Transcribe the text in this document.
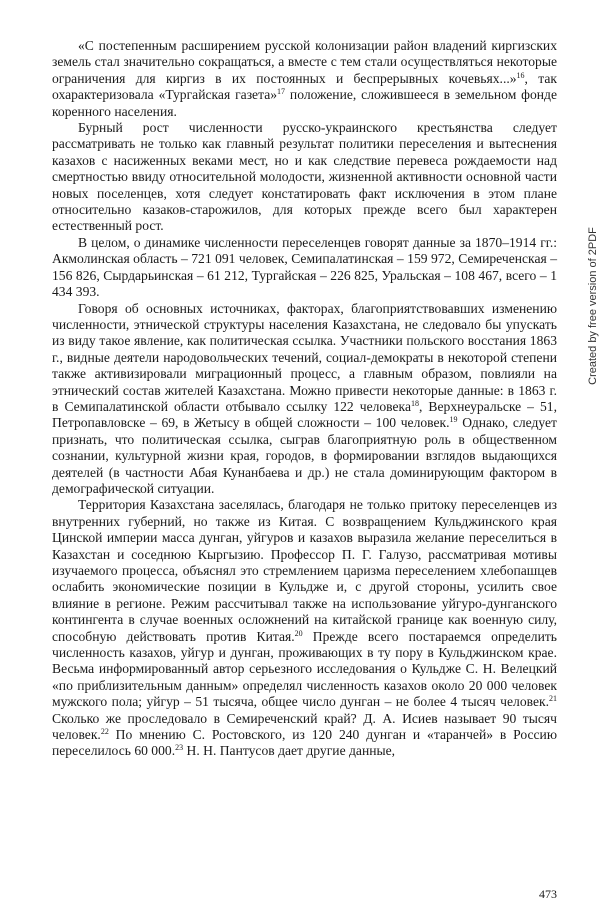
«С постепенным расширением русской колонизации район владений киргизских земель стал значительно сокращаться, а вместе с тем стали осуществляться некоторые ограничения для киргиз в их постоянных и беспрерывных кочевьях...»$^{16}$, так охарактеризовала «Тургайская газета»$^{17}$ положение, сложившееся в земельном фонде коренного населения.

Бурный рост численности русско-украинского крестьянства следует рассматривать не только как главный результат политики переселения и вытеснения казахов с насиженных веками мест, но и как следствие перевеса рождаемости над смертностью ввиду относительной молодости, жизненной активности основной части новых поселенцев, хотя следует констатировать факт исключения в этом плане относительно казаков-старожилов, для которых прежде всего был характерен естественный рост.

В целом, о динамике численности переселенцев говорят данные за 1870–1914 гг.: Акмолинская область – 721 091 человек, Семипалатинская – 159 972, Семиреченская – 156 826, Сырдарьинская – 61 212, Тургайская – 226 825, Уральская – 108 467, всего – 1 434 393.

Говоря об основных источниках, факторах, благоприятствовавших изменению численности, этнической структуры населения Казахстана, не следовало бы упускать из виду такое явление, как политическая ссылка. Участники польского восстания 1863 г., видные деятели народовольческих течений, социал-демократы в некоторой степени также активизировали миграционный процесс, а главным образом, повлияли на этнический состав жителей Казахстана. Можно привести некоторые данные: в 1863 г. в Семипалатинской области отбывало ссылку 122 человека$^{18}$, Верхнеуральске – 51, Петропавловске – 69, в Жетысу в общей сложности – 100 человек.$^{19}$ Однако, следует признать, что политическая ссылка, сыграв благоприятную роль в общественном сознании, культурной жизни края, городов, в формировании взглядов выдающихся деятелей (в частности Абая Кунанбаева и др.) не стала доминирующим фактором в демографической ситуации.

Территория Казахстана заселялась, благодаря не только притоку переселенцев из внутренних губерний, но также из Китая. С возвращением Кульджинского края Цинской империи масса дунган, уйгуров и казахов выразила желание переселиться в Казахстан и соседнюю Кыргызию. Профессор П. Г. Галузо, рассматривая мотивы изучаемого процесса, объяснял это стремлением царизма переселением хлебопашцев ослабить экономические позиции в Кульдже и, с другой стороны, усилить свое влияние в регионе. Режим рассчитывал также на использование уйгуро-дунганского контингента в случае военных осложнений на китайской границе как военную силу, способную действовать против Китая.$^{20}$ Прежде всего постараемся определить численность казахов, уйгур и дунган, проживающих в ту пору в Кульджинском крае. Весьма информированный автор серьезного исследования о Кульдже С. Н. Велецкий «по приблизительным данным» определял численность казахов около 20 000 человек мужского пола; уйгур – 51 тысяча, общее число дунган – не более 4 тысяч человек.$^{21}$ Сколько же проследовало в Семиреченский край? Д. А. Исиев называет 90 тысяч человек.$^{22}$ По мнению С. Ростовского, из 120 240 дунган и «таранчей» в Россию переселилось 60 000.23 Н. Н. Пантусов дает другие данные,

473
Created by free version of 2PDF
